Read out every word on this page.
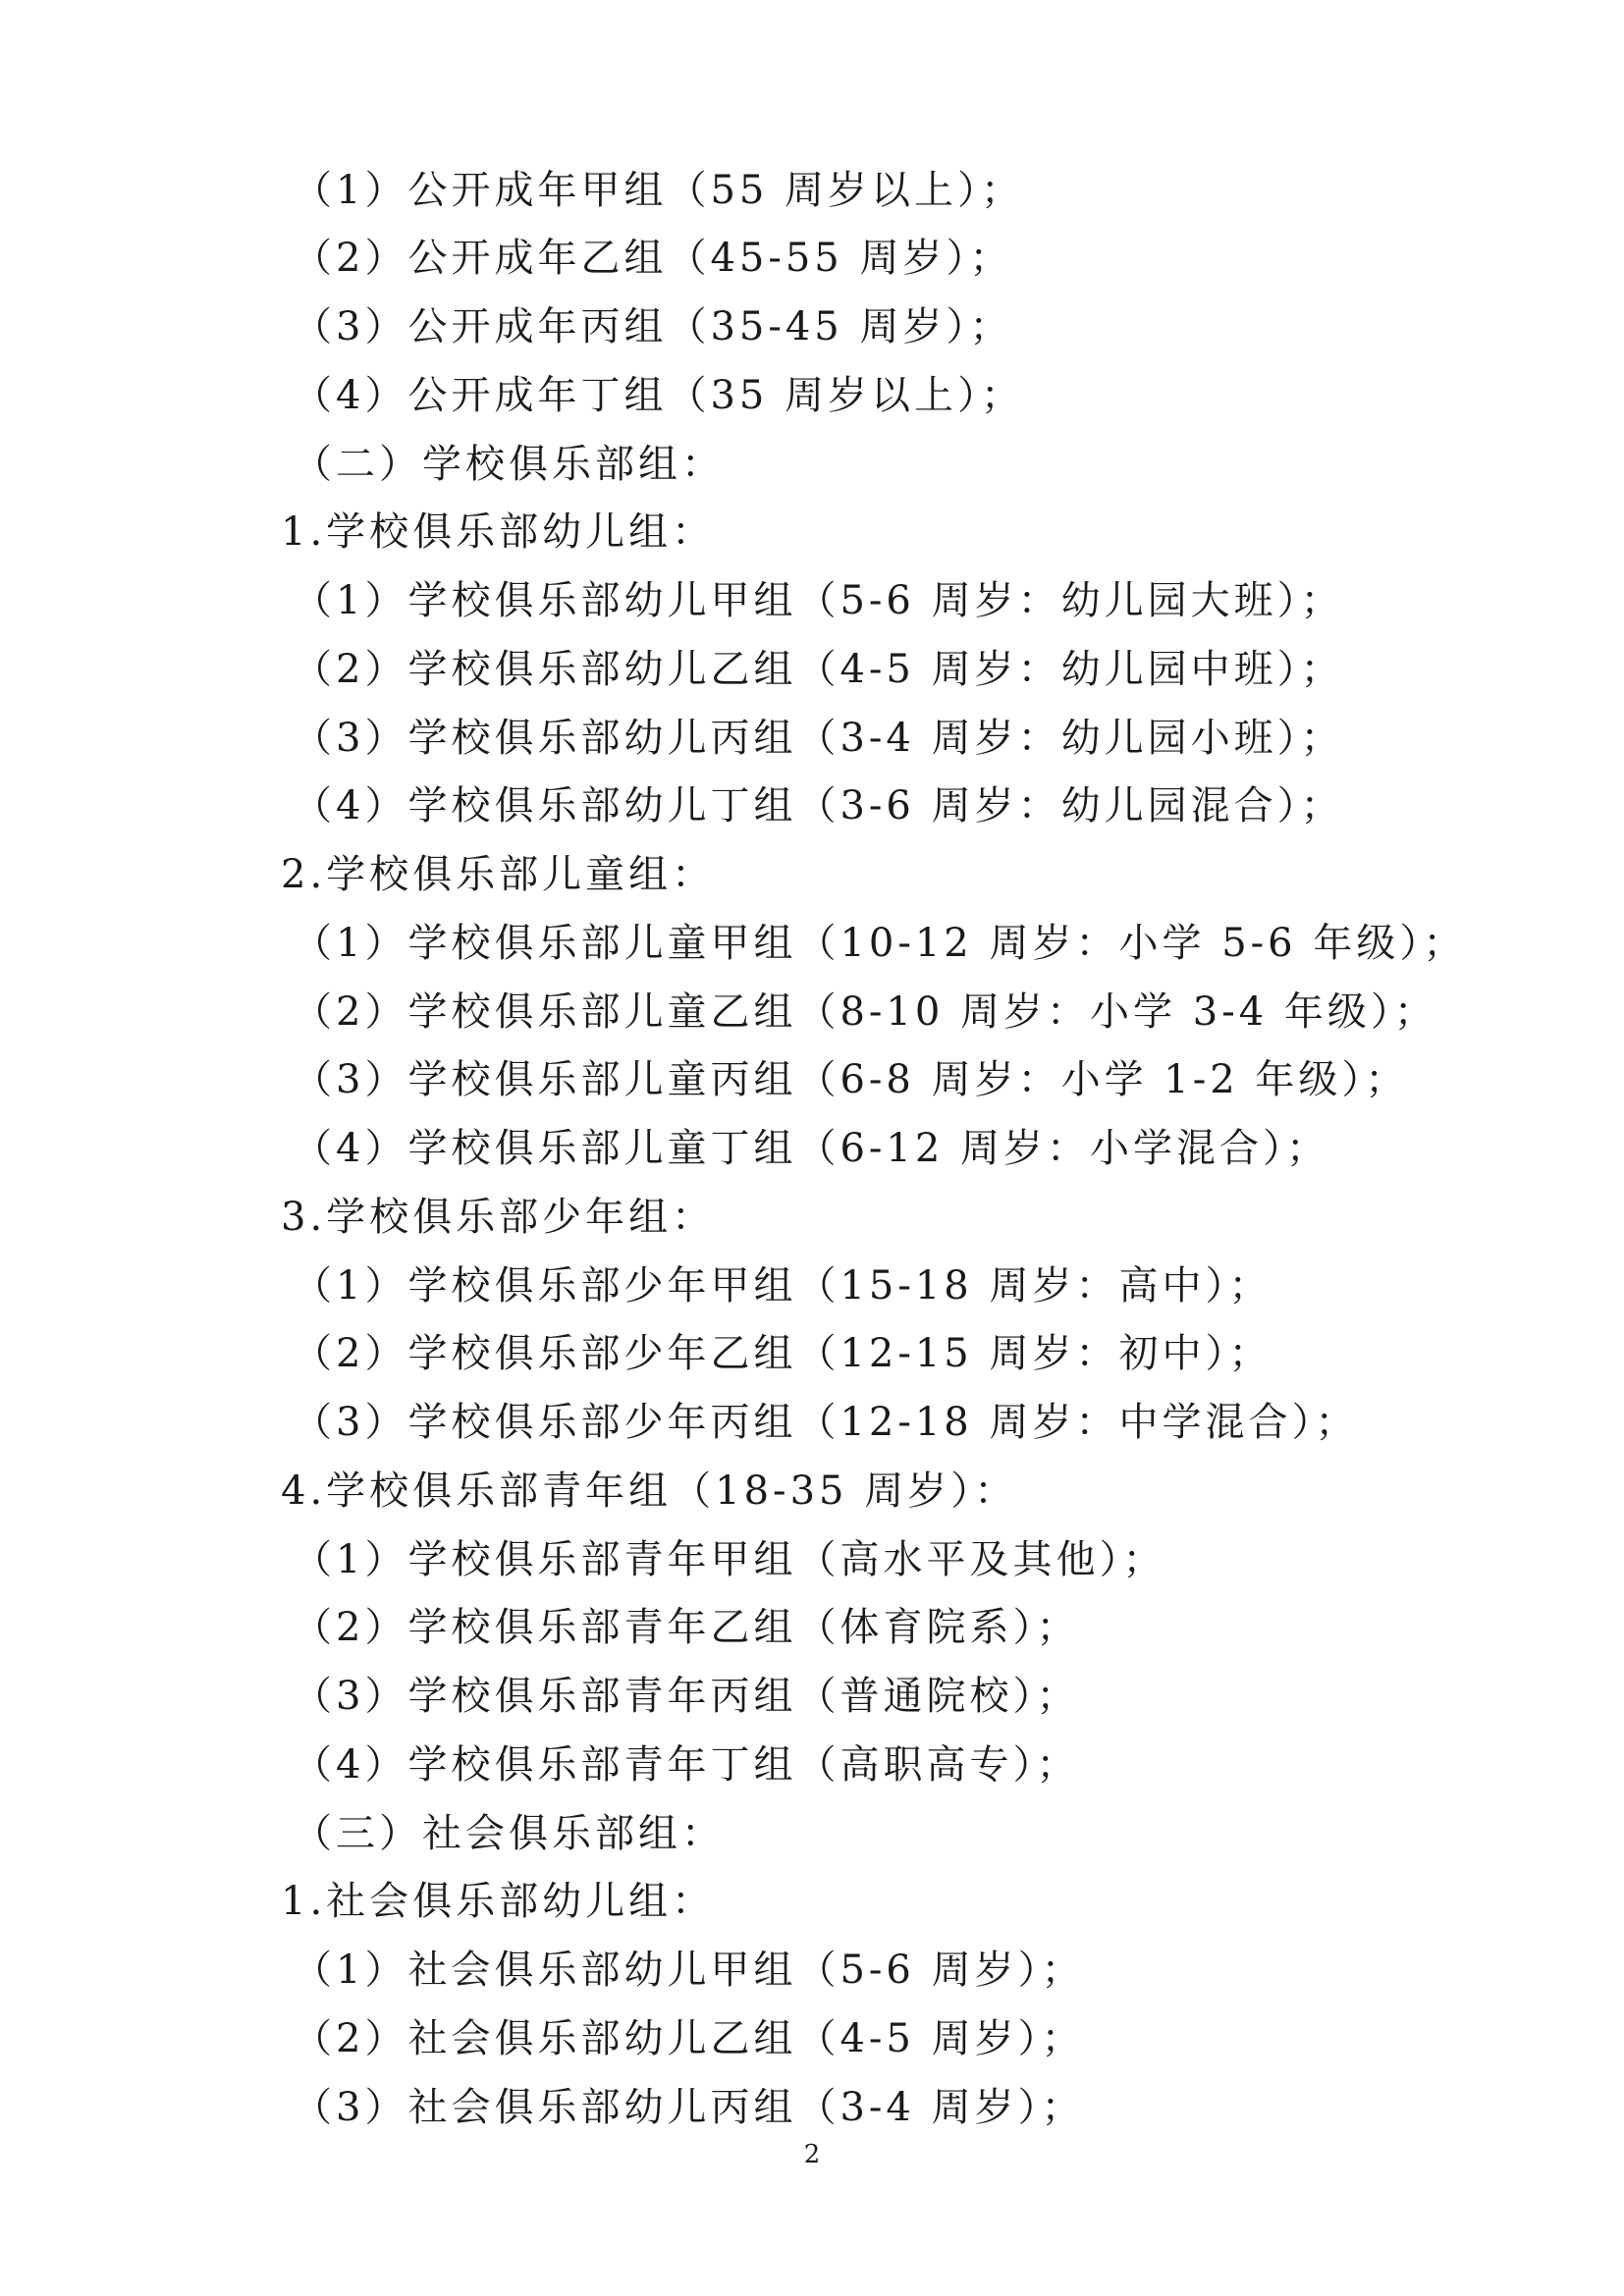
（1）公开成年甲组（55 周岁以上）；
（2）公开成年乙组（45-55 周岁）；
（3）公开成年丙组（35-45 周岁）；
（4）公开成年丁组（35 周岁以上）；
（二）学校俱乐部组：
1.学校俱乐部幼儿组：
（1）学校俱乐部幼儿甲组（5-6 周岁：幼儿园大班）；
（2）学校俱乐部幼儿乙组（4-5 周岁：幼儿园中班）；
（3）学校俱乐部幼儿丙组（3-4 周岁：幼儿园小班）；
（4）学校俱乐部幼儿丁组（3-6 周岁：幼儿园混合）；
2.学校俱乐部儿童组：
（1）学校俱乐部儿童甲组（10-12 周岁：小学 5-6 年级）；
（2）学校俱乐部儿童乙组（8-10 周岁：小学 3-4 年级）；
（3）学校俱乐部儿童丙组（6-8 周岁：小学 1-2 年级）；
（4）学校俱乐部儿童丁组（6-12 周岁：小学混合）；
3.学校俱乐部少年组：
（1）学校俱乐部少年甲组（15-18 周岁：高中）；
（2）学校俱乐部少年乙组（12-15 周岁：初中）；
（3）学校俱乐部少年丙组（12-18 周岁：中学混合）；
4.学校俱乐部青年组（18-35 周岁）：
（1）学校俱乐部青年甲组（高水平及其他）；
（2）学校俱乐部青年乙组（体育院系）；
（3）学校俱乐部青年丙组（普通院校）；
（4）学校俱乐部青年丁组（高职高专）；
（三）社会俱乐部组：
1.社会俱乐部幼儿组：
（1）社会俱乐部幼儿甲组（5-6 周岁）；
（2）社会俱乐部幼儿乙组（4-5 周岁）；
（3）社会俱乐部幼儿丙组（3-4 周岁）；
2
